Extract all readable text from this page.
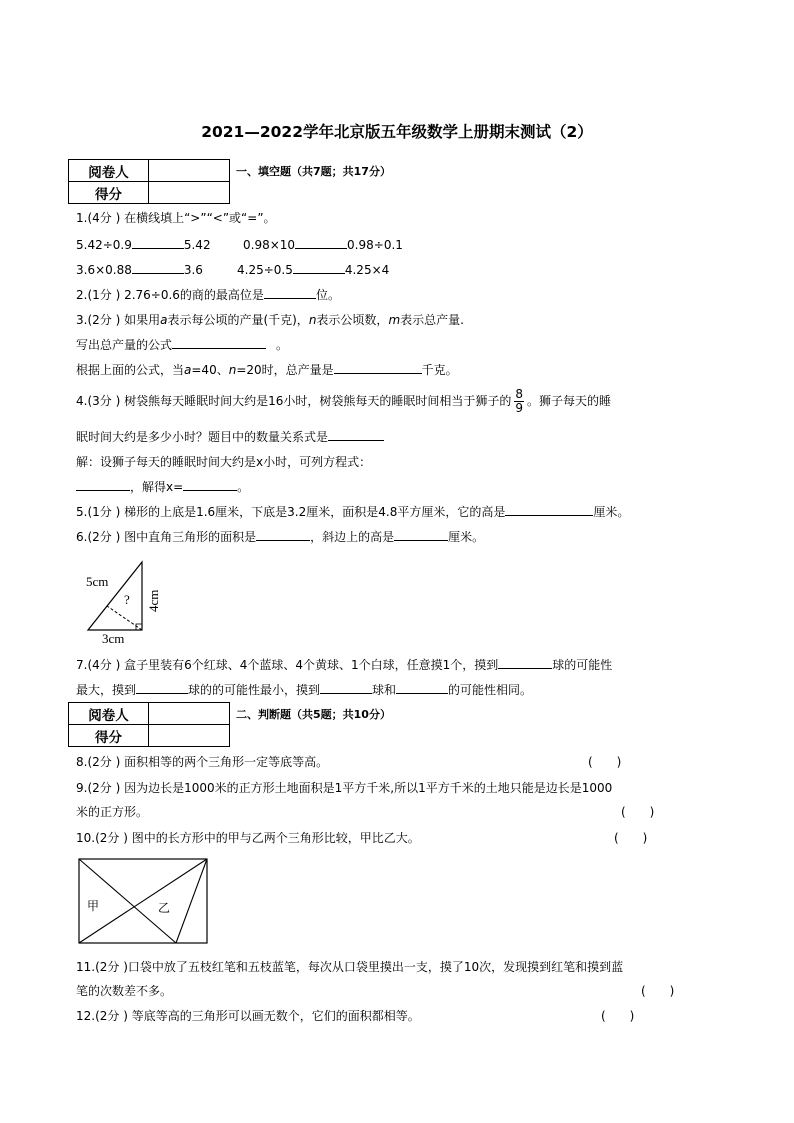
2021—2022学年北京版五年级数学上册期末测试（2）
阅卷人	
得分	
一、填空题（共7题；共17分）
1.(4分 ) 在横线填上“>”“<”或“=”。
5.42÷0.9	5.42	0.98×10	0.98÷0.1
3.6×0.88	3.6	4.25÷0.5	4.25×4
2.(1分 ) 2.76÷0.6的商的最高位是	位。
3.(2分 ) 如果用a表示每公顷的产量(千克)，n表示公顷数，m表示总产量.
写出总产量的公式	。
根据上面的公式，当a=40、n=20时，总产量是	千克。
4.(3分 ) 树袋熊每天睡眠时间大约是16小时，树袋熊每天的睡眠时间相当于狮子的 $\frac{8}{9}$ 。狮子每天的睡
眠时间大约是多少小时？题目中的数量关系式是
解：设狮子每天的睡眠时间大约是x小时，可列方程式：
，解得x=	。
5.(1分 ) 梯形的上底是1.6厘米，下底是3.2厘米，面积是4.8平方厘米，它的高是	厘米。
6.(2分 ) 图中直角三角形的面积是	，斜边上的高是	厘米。
5cm
? 4cm
3cm
7.(4分 ) 盒子里装有6个红球、4个蓝球、4个黄球、1个白球，任意摸1个，摸到	球的可能性
最大，摸到	球的的可能性最小，摸到	球和	的可能性相同。
阅卷人	
得分	
二、判断题（共5题；共10分）
8.(2分 ) 面积相等的两个三角形一定等底等高。	(　　)
9.(2分 ) 因为边长是1000米的正方形土地面积是1平方千米,所以1平方千米的土地只能是边长是1000
米的正方形。	(　　)
10.(2分 ) 图中的长方形中的甲与乙两个三角形比较，甲比乙大。	(　　)
甲	乙
11.(2分 )口袋中放了五枝红笔和五枝蓝笔，每次从口袋里摸出一支，摸了10次，发现摸到红笔和摸到蓝
笔的次数差不多。	(　　)
12.(2分 ) 等底等高的三角形可以画无数个，它们的面积都相等。	(　　)
